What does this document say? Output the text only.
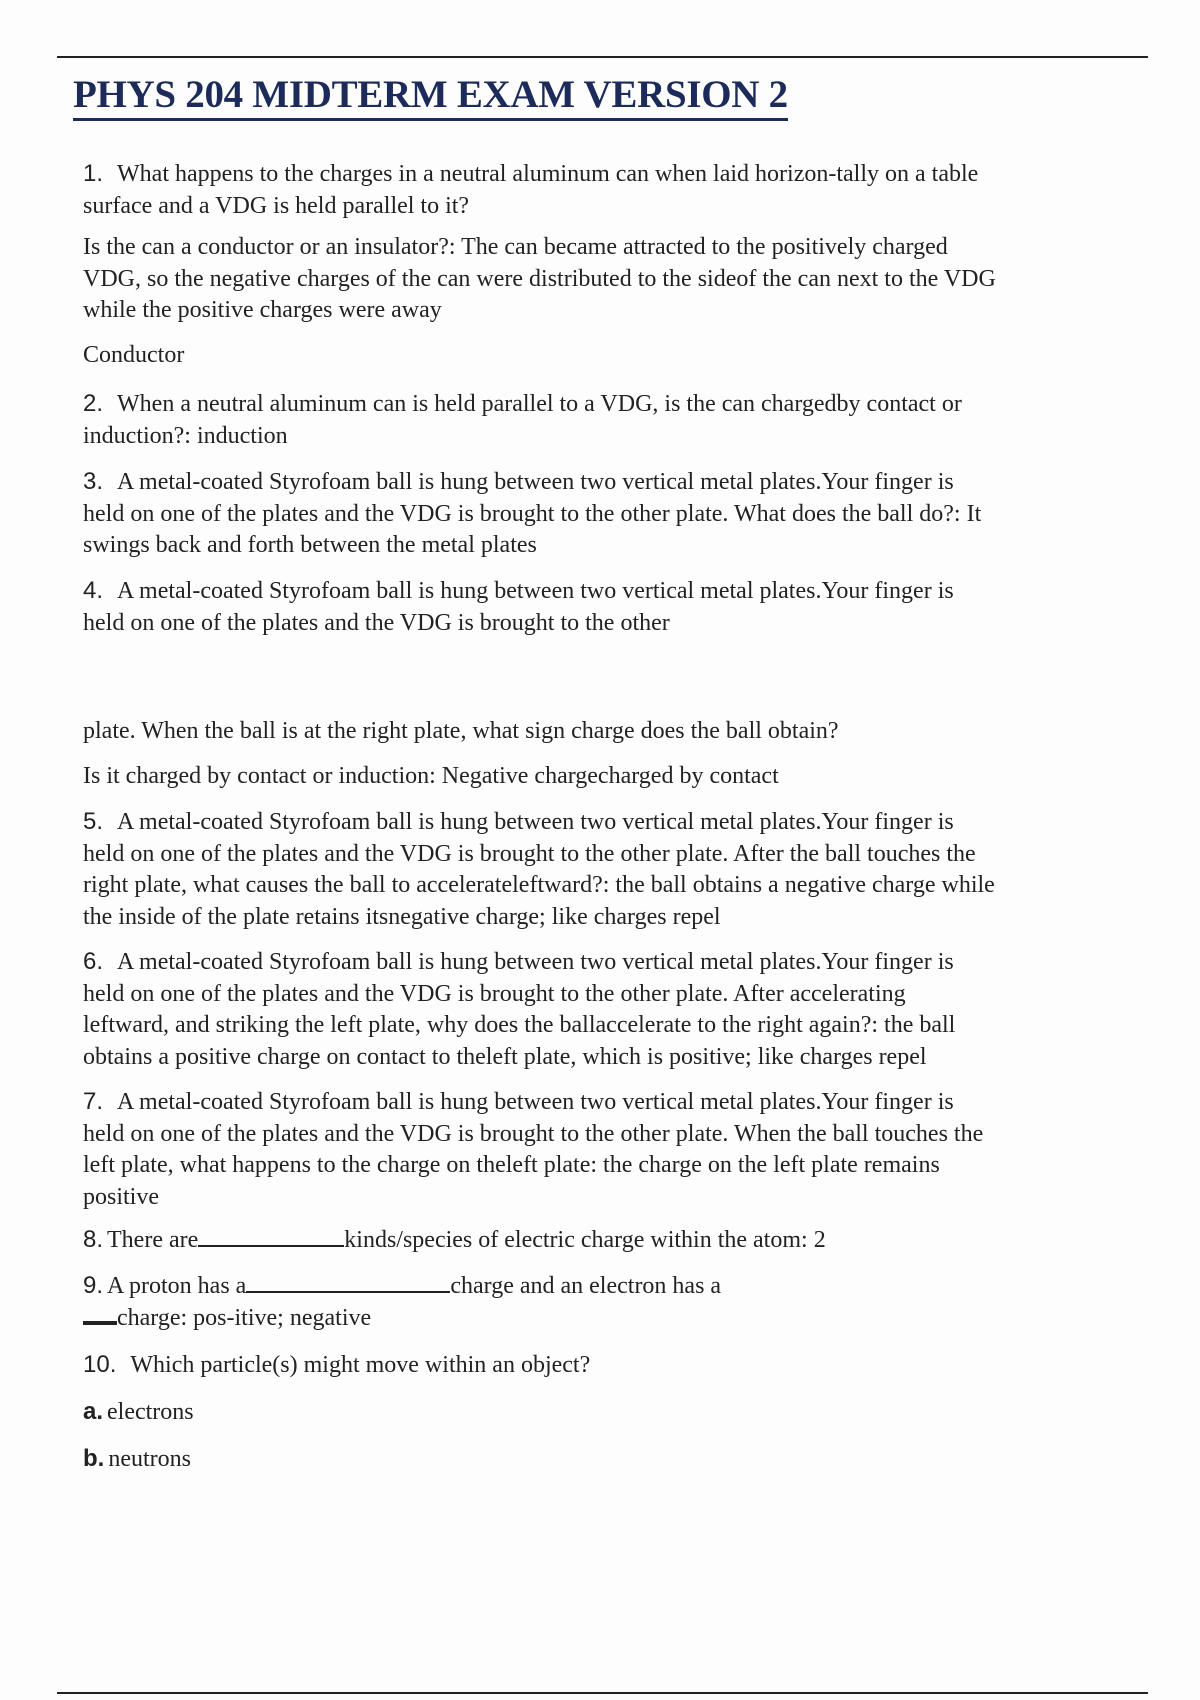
PHYS 204 MIDTERM EXAM VERSION 2
1. What happens to the charges in a neutral aluminum can when laid horizon-tally on a table
surface and a VDG is held parallel to it?
Is the can a conductor or an insulator?: The can became attracted to the positively charged
VDG, so the negative charges of the can were distributed to the sideof the can next to the VDG
while the positive charges were away
Conductor
2. When a neutral aluminum can is held parallel to a VDG, is the can chargedby contact or
induction?: induction
3. A metal-coated Styrofoam ball is hung between two vertical metal plates.Your finger is
held on one of the plates and the VDG is brought to the other plate. What does the ball do?: It
swings back and forth between the metal plates
4. A metal-coated Styrofoam ball is hung between two vertical metal plates.Your finger is
held on one of the plates and the VDG is brought to the other
plate. When the ball is at the right plate, what sign charge does the ball obtain?
Is it charged by contact or induction: Negative chargecharged by contact
5. A metal-coated Styrofoam ball is hung between two vertical metal plates.Your finger is
held on one of the plates and the VDG is brought to the other plate. After the ball touches the
right plate, what causes the ball to accelerateleftward?: the ball obtains a negative charge while
the inside of the plate retains itsnegative charge; like charges repel
6. A metal-coated Styrofoam ball is hung between two vertical metal plates.Your finger is
held on one of the plates and the VDG is brought to the other plate. After accelerating
leftward, and striking the left plate, why does the ballaccelerate to the right again?: the ball
obtains a positive charge on contact to theleft plate, which is positive; like charges repel
7. A metal-coated Styrofoam ball is hung between two vertical metal plates.Your finger is
held on one of the plates and the VDG is brought to the other plate. When the ball touches the
left plate, what happens to the charge on theleft plate: the charge on the left plate remains
positive
8. There are	kinds/species of electric charge within the atom: 2
9. A proton has a	charge and an electron has a
charge: pos-itive; negative
10. Which particle(s) might move within an object?
a. electrons
b. neutrons
